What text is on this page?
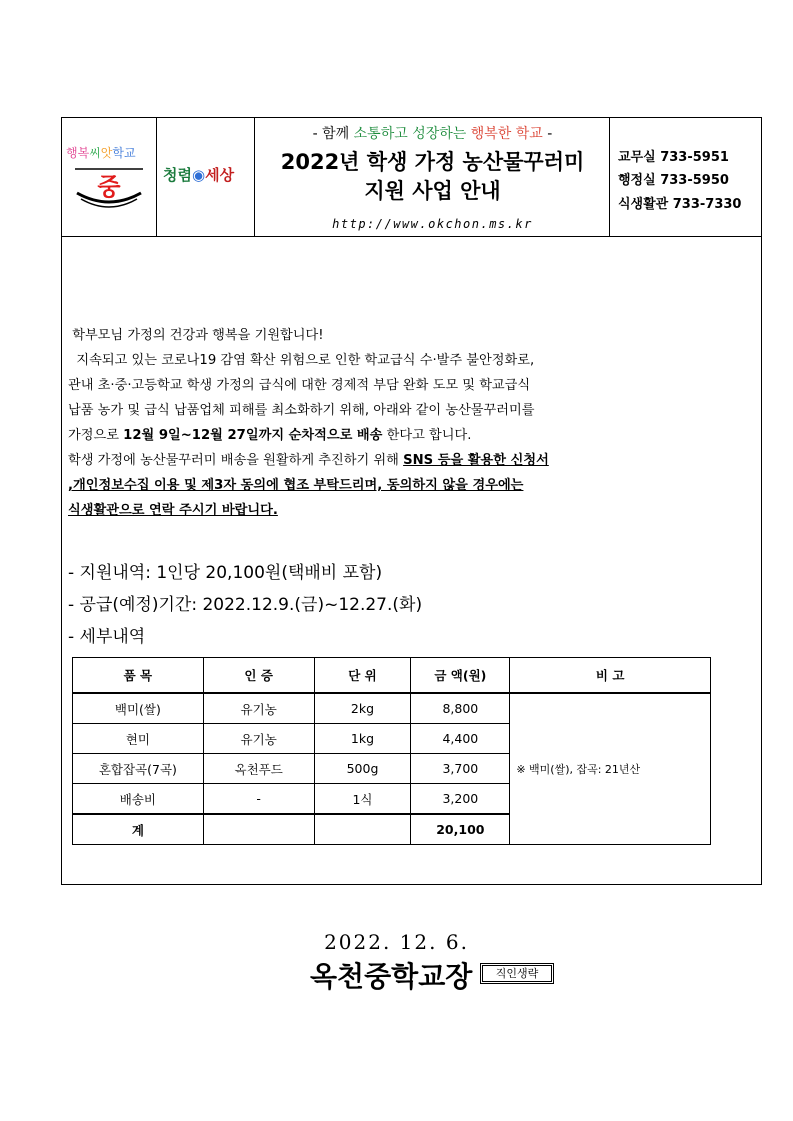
행복씨앗학교
중	청렴◉세상
- 함께 소통하고 성장하는 행복한 학교 -
2022년 학생 가정 농산물꾸러미
지원 사업 안내
http://www.okchon.ms.kr
교무실 733-5951
행정실 733-5950
식생활관 733-7330
학부모님 가정의 건강과 행복을 기원합니다!
지속되고 있는 코로나19 감염 확산 위험으로 인한 학교급식 수·발주 불안정화로,
관내 초·중·고등학교 학생 가정의 급식에 대한 경제적 부담 완화 도모 및 학교급식
납품 농가 및 급식 납품업체 피해를 최소화하기 위해, 아래와 같이 농산물꾸러미를
가정으로 12월 9일~12월 27일까지 순차적으로 배송 한다고 합니다.
학생 가정에 농산물꾸러미 배송을 원활하게 추진하기 위해 SNS 등을 활용한 신청서
,개인정보수집 이용 및 제3자 동의에 협조 부탁드리며, 동의하지 않을 경우에는
식생활관으로 연락 주시기 바랍니다.
- 지원내역: 1인당 20,100원(택배비 포함)
- 공급(예정)기간: 2022.12.9.(금)~12.27.(화)
- 세부내역
품 목	인 증	단 위	금 액(원)	비 고
백미(쌀)	유기농	2kg	8,800	※ 백미(쌀), 잡곡: 21년산
현미	유기농	1kg	4,400	
혼합잡곡(7곡)	옥천푸드	500g	3,700	
배송비	-	1식	3,200	
계			20,100	
2022. 12. 6.
옥천중학교장	직인생략
